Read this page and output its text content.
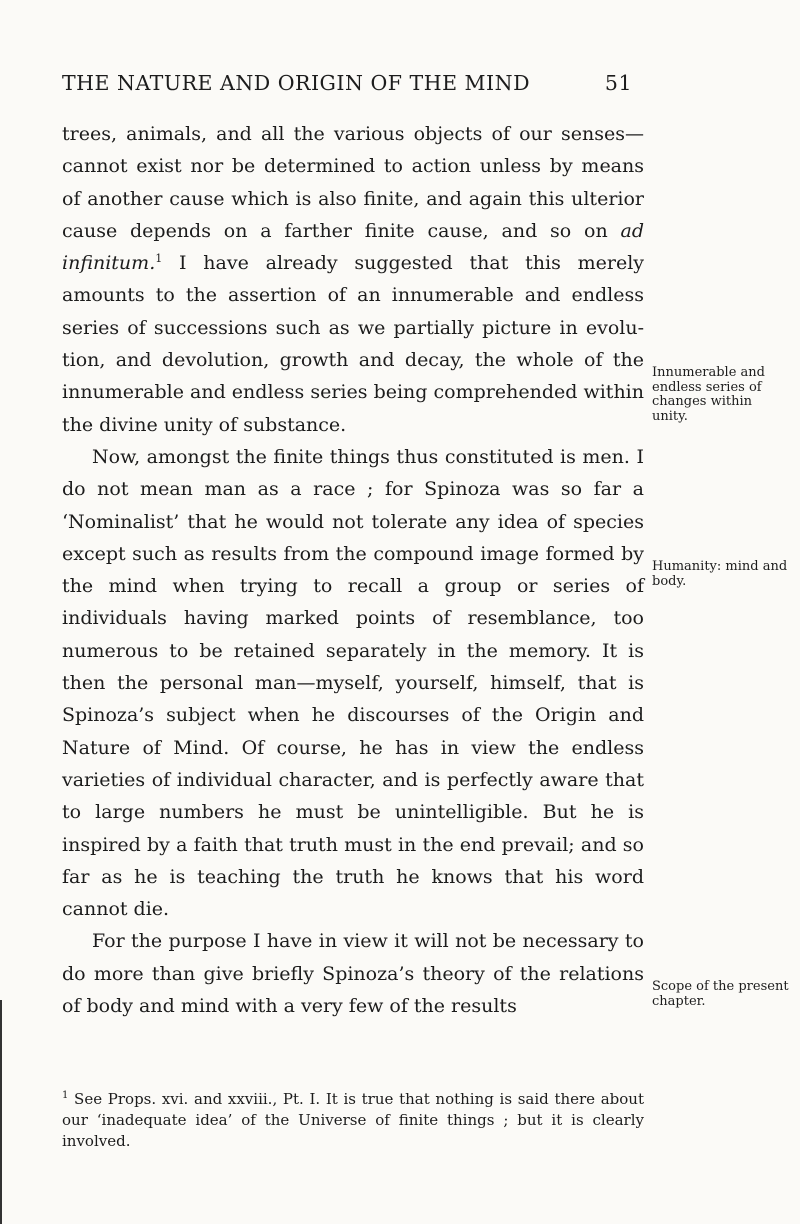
THE NATURE AND ORIGIN OF THE MIND	51

trees, animals, and all the various objects of our senses— cannot exist nor be determined to action unless by means of another cause which is also finite, and again this ulterior cause depends on a farther finite cause, and so on ad infinitum.$^1$ I have already suggested that this merely amounts to the assertion of an innumerable and endless series of successions such as we partially picture in evolution, and devolution, growth and decay, the whole of the innumerable and endless series being comprehended within the divine unity of substance.

Now, amongst the finite things thus constituted is men. I do not mean man as a race ; for Spinoza was so far a ‘Nominalist’ that he would not tolerate any idea of species except such as results from the compound image formed by the mind when trying to recall a group or series of individuals having marked points of resemblance, too numerous to be retained separately in the memory. It is then the personal man—myself, yourself, himself, that is Spinoza’s subject when he discourses of the Origin and Nature of Mind. Of course, he has in view the endless varieties of individual character, and is perfectly aware that to large numbers he must be unintelligible. But he is inspired by a faith that truth must in the end prevail; and so far as he is teaching the truth he knows that his word cannot die.

For the purpose I have in view it will not be necessary to do more than give briefly Spinoza’s theory of the relations of body and mind with a very few of the results

Innumerable and endless series of changes within unity.
Humanity: mind and body.
Scope of the present chapter.
$^1$ See Props. xvi. and xxviii., Pt. I. It is true that nothing is said there about our ‘inadequate idea’ of the Universe of finite things ; but it is clearly involved.
